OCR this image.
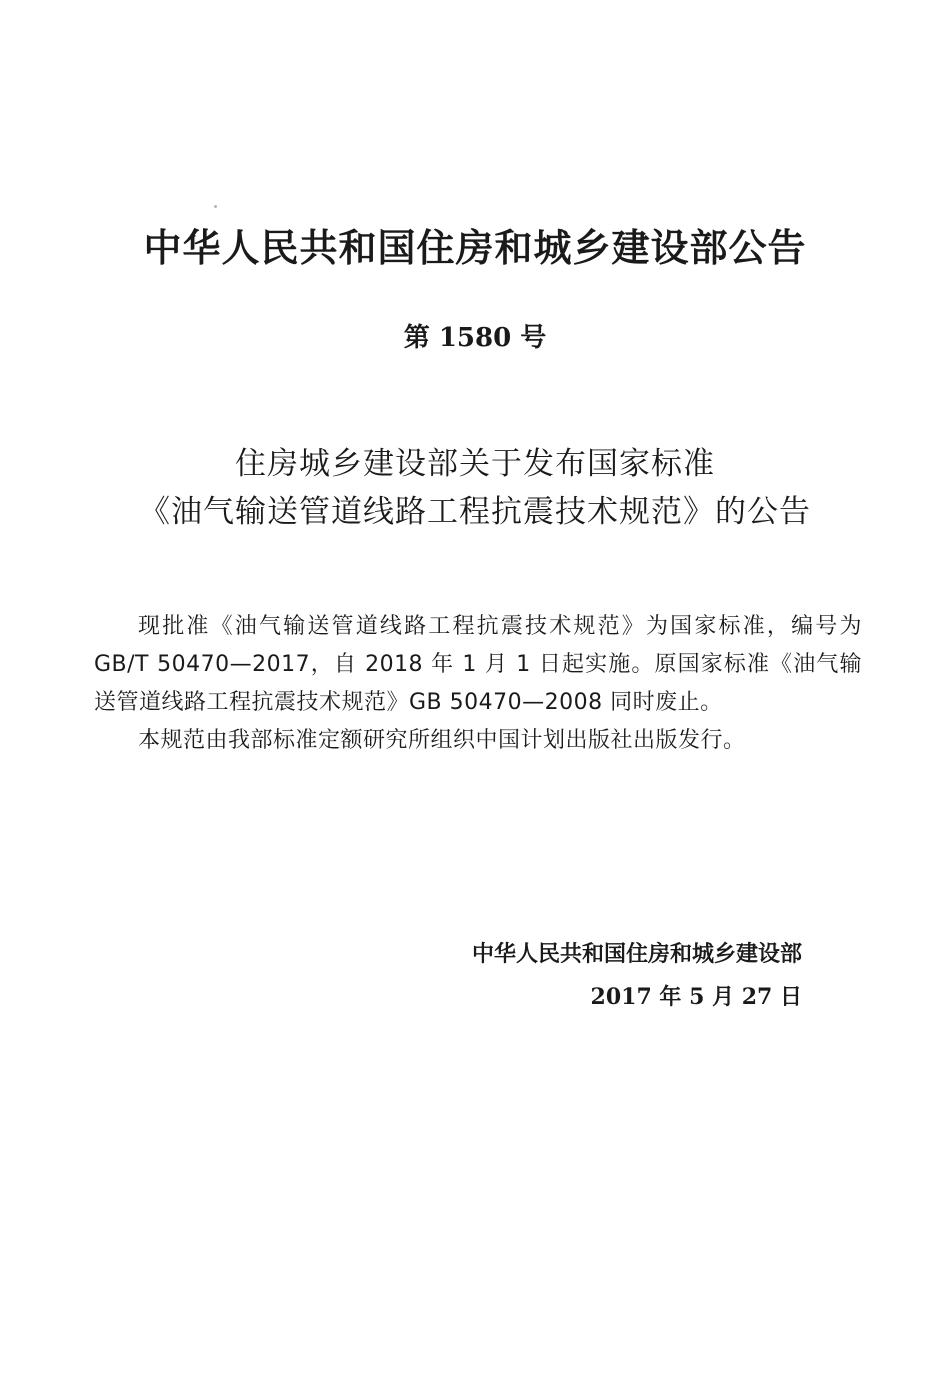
中华人民共和国住房和城乡建设部公告
第 1580 号
住房城乡建设部关于发布国家标准
《油气输送管道线路工程抗震技术规范》的公告

现批准《油气输送管道线路工程抗震技术规范》为国家标准，编号为 GB/T 50470—2017，自 2018 年 1 月 1 日起实施。原国家标准《油气输送管道线路工程抗震技术规范》GB 50470—2008 同时废止。

本规范由我部标准定额研究所组织中国计划出版社出版发行。

中华人民共和国住房和城乡建设部
2017 年 5 月 27 日
